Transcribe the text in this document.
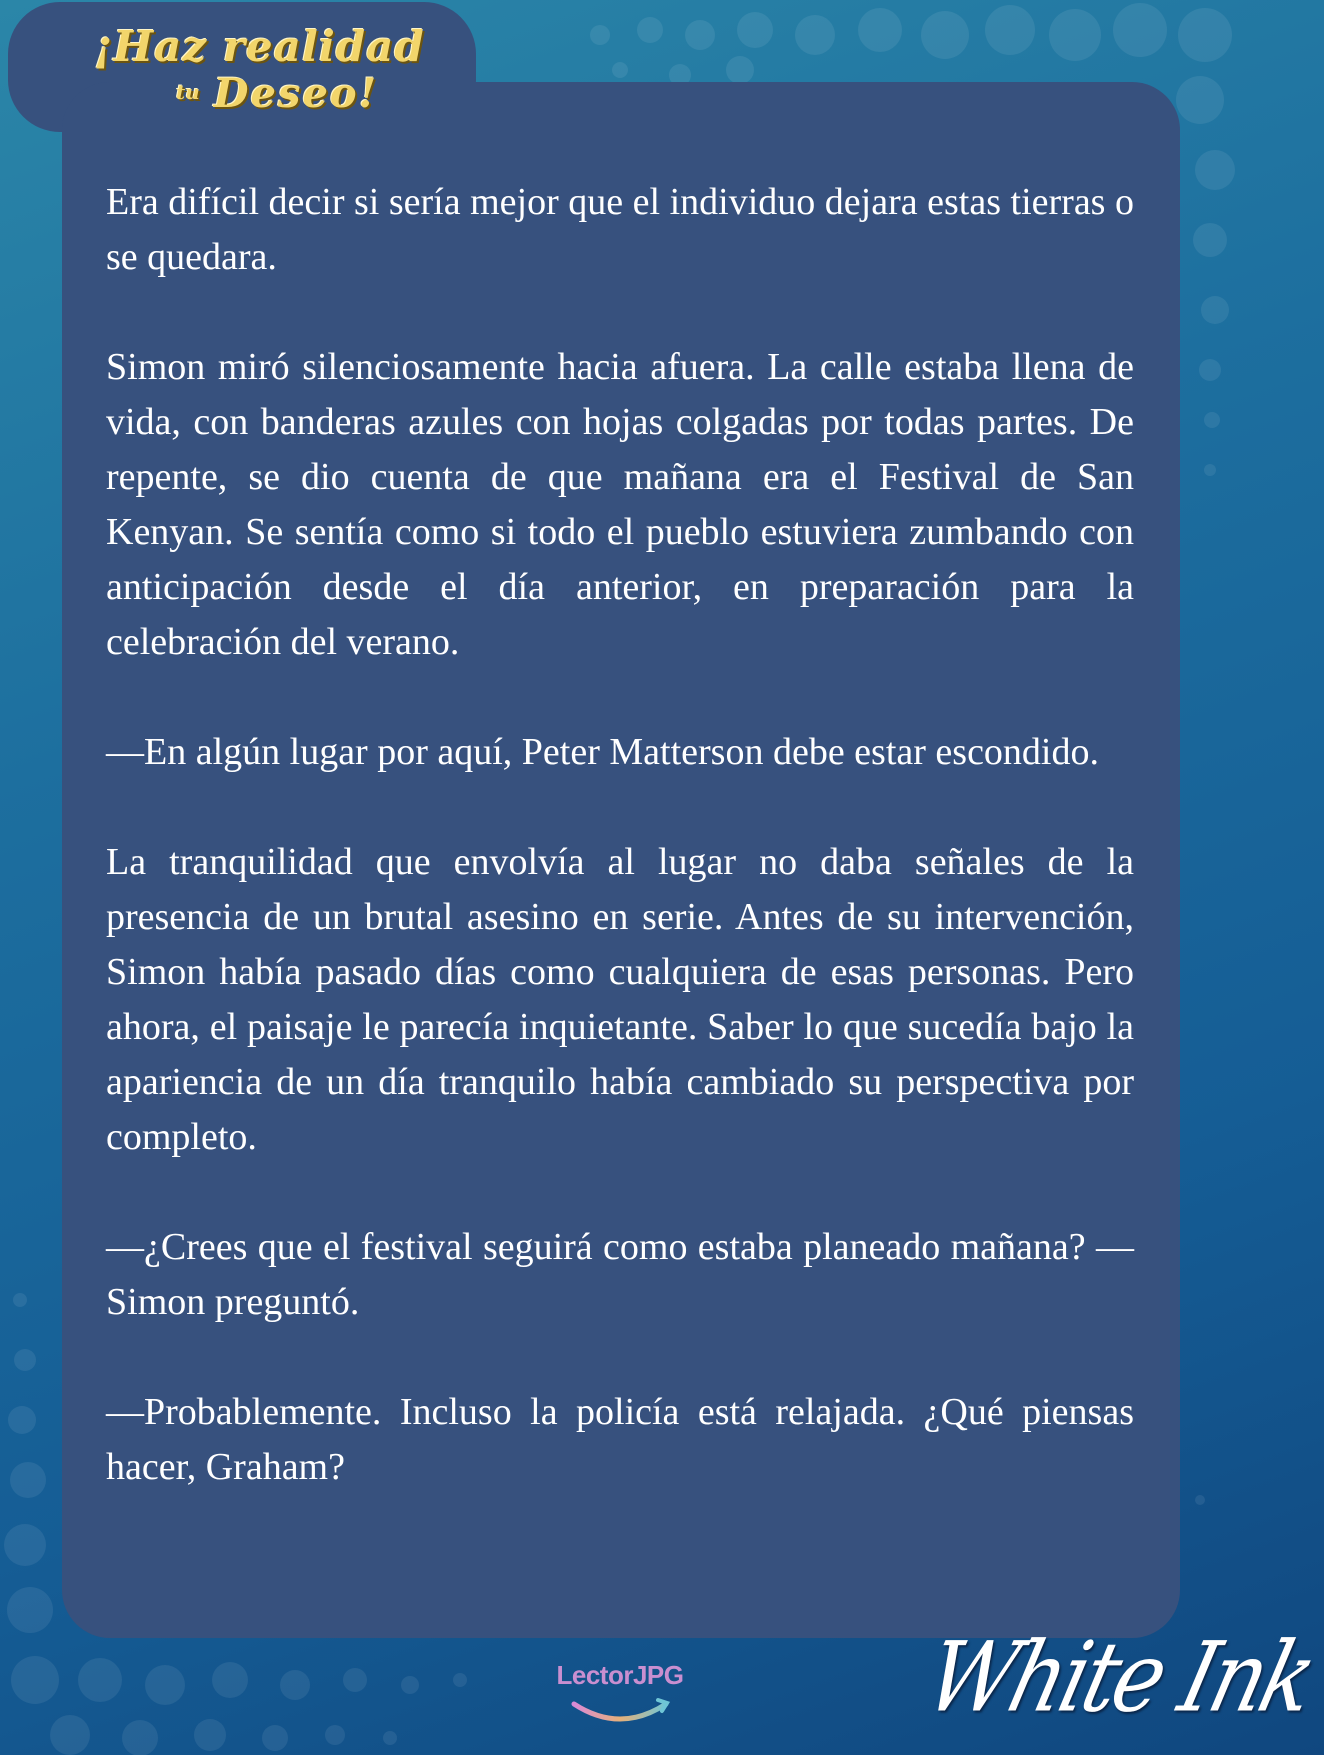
¡Haz realidad
$^{tu}$ Deseo!

Era difícil decir si sería mejor que el individuo dejara estas tierras o se quedara.

Simon miró silenciosamente hacia afuera. La calle estaba llena de vida, con banderas azules con hojas colgadas por todas partes. De repente, se dio cuenta de que mañana era el Festival de San Kenyan. Se sentía como si todo el pueblo estuviera zumbando con anticipación desde el día anterior, en preparación para la celebración del verano.

—En algún lugar por aquí, Peter Matterson debe estar escondido.

La tranquilidad que envolvía al lugar no daba señales de la presencia de un brutal asesino en serie. Antes de su intervención, Simon había pasado días como cualquiera de esas personas. Pero ahora, el paisaje le parecía inquietante. Saber lo que sucedía bajo la apariencia de un día tranquilo había cambiado su perspectiva por completo.

—¿Crees que el festival seguirá como estaba planeado mañana? —Simon preguntó.

—Probablemente. Incluso la policía está relajada. ¿Qué piensas hacer, Graham?

LectorJPG	White Ink
